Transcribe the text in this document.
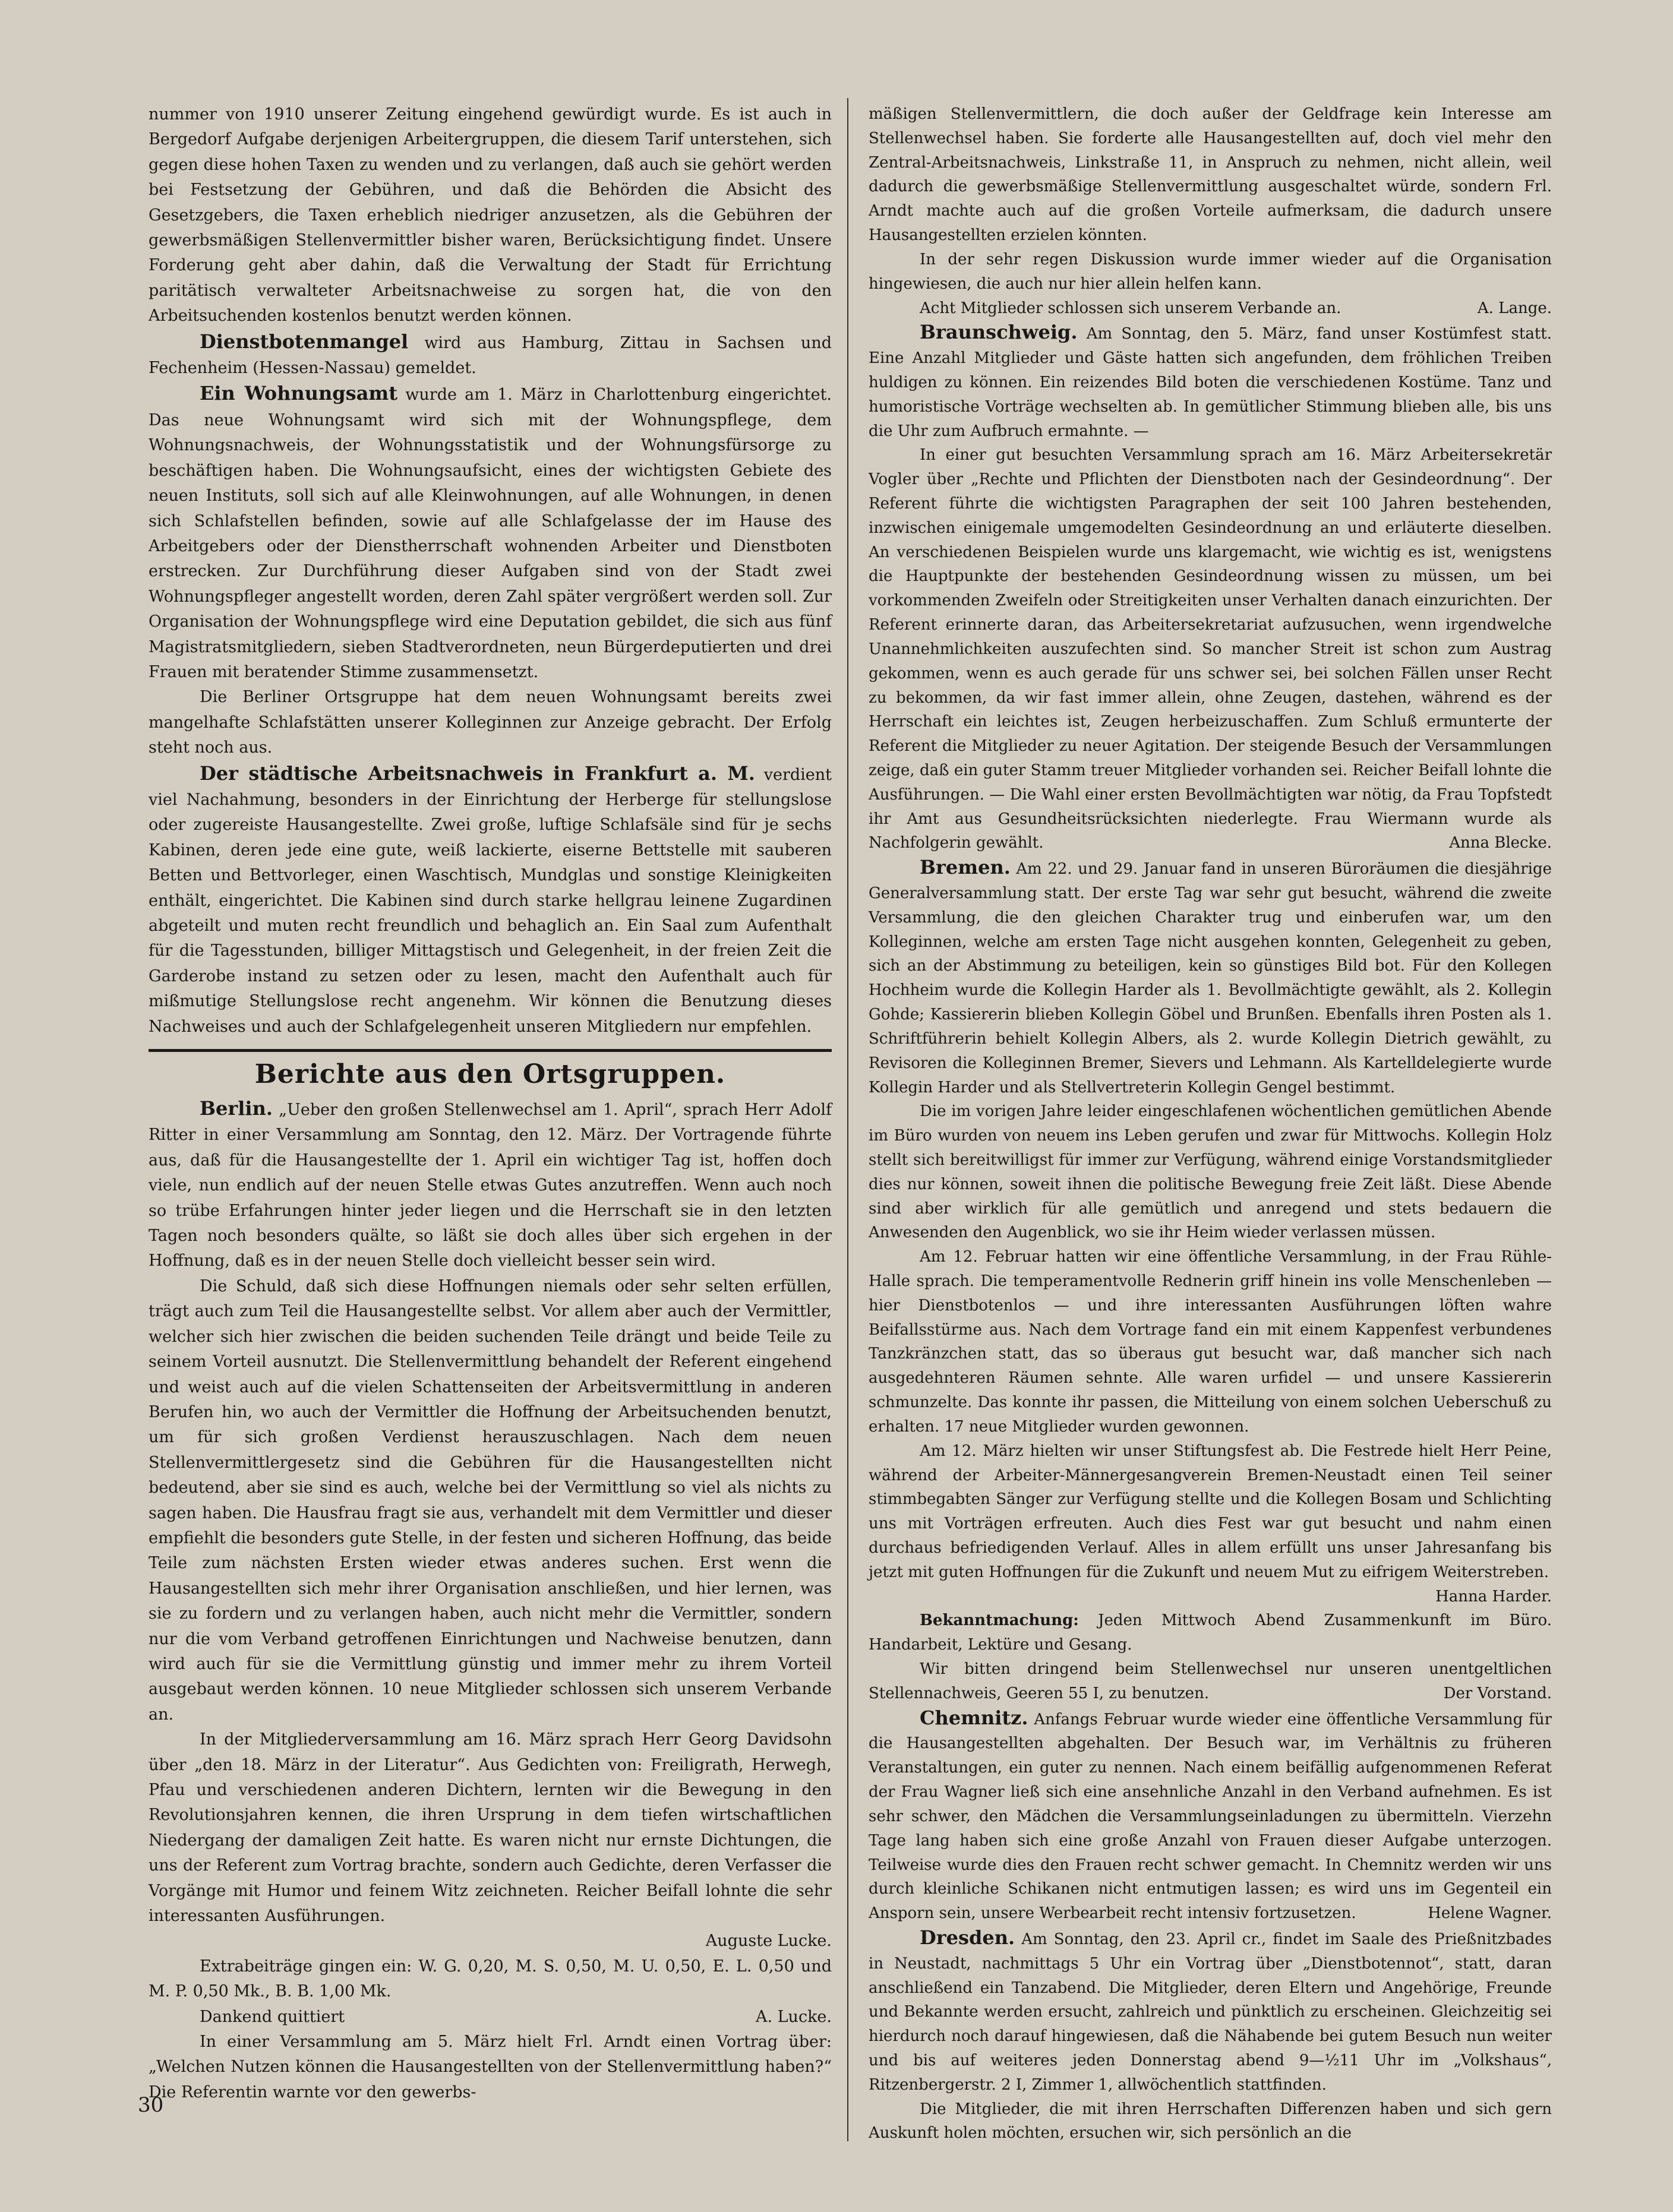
nummer von 1910 unserer Zeitung eingehend gewürdigt wurde. Es ist auch in Bergedorf Aufgabe derjenigen Arbeitergruppen, die diesem Tarif unterstehen, sich gegen diese hohen Taxen zu wenden und zu verlangen, daß auch sie gehört werden bei Festsetzung der Gebühren, und daß die Behörden die Absicht des Gesetzgebers, die Taxen erheblich niedriger anzusetzen, als die Gebühren der gewerbsmäßigen Stellenvermittler bisher waren, Berücksichtigung findet. Unsere Forderung geht aber dahin, daß die Verwaltung der Stadt für Errichtung paritätisch verwalteter Arbeitsnachweise zu sorgen hat, die von den Arbeitsuchenden kostenlos benutzt werden können.

Dienstbotenmangel wird aus Hamburg, Zittau in Sachsen und Fechenheim (Hessen-Nassau) gemeldet.

Ein Wohnungsamt wurde am 1. März in Charlottenburg eingerichtet. Das neue Wohnungsamt wird sich mit der Wohnungspflege, dem Wohnungsnachweis, der Wohnungsstatistik und der Wohnungsfürsorge zu beschäftigen haben. Die Wohnungsaufsicht, eines der wichtigsten Gebiete des neuen Instituts, soll sich auf alle Kleinwohnungen, auf alle Wohnungen, in denen sich Schlafstellen befinden, sowie auf alle Schlafgelasse der im Hause des Arbeitgebers oder der Dienstherrschaft wohnenden Arbeiter und Dienstboten erstrecken. Zur Durchführung dieser Aufgaben sind von der Stadt zwei Wohnungspfleger angestellt worden, deren Zahl später vergrößert werden soll. Zur Organisation der Wohnungspflege wird eine Deputation gebildet, die sich aus fünf Magistratsmitgliedern, sieben Stadtverordneten, neun Bürgerdeputierten und drei Frauen mit beratender Stimme zusammensetzt.

Die Berliner Ortsgruppe hat dem neuen Wohnungsamt bereits zwei mangelhafte Schlafstätten unserer Kolleginnen zur Anzeige gebracht. Der Erfolg steht noch aus.

Der städtische Arbeitsnachweis in Frankfurt a. M. verdient viel Nachahmung, besonders in der Einrichtung der Herberge für stellungslose oder zugereiste Hausangestellte. Zwei große, luftige Schlafsäle sind für je sechs Kabinen, deren jede eine gute, weiß lackierte, eiserne Bettstelle mit sauberen Betten und Bettvorleger, einen Waschtisch, Mundglas und sonstige Kleinigkeiten enthält, eingerichtet. Die Kabinen sind durch starke hellgrau leinene Zugardinen abgeteilt und muten recht freundlich und behaglich an. Ein Saal zum Aufenthalt für die Tagesstunden, billiger Mittagstisch und Gelegenheit, in der freien Zeit die Garderobe instand zu setzen oder zu lesen, macht den Aufenthalt auch für mißmutige Stellungslose recht angenehm. Wir können die Benutzung dieses Nachweises und auch der Schlafgelegenheit unseren Mitgliedern nur empfehlen.

Berichte aus den Ortsgruppen.

Berlin. „Ueber den großen Stellenwechsel am 1. April“, sprach Herr Adolf Ritter in einer Versammlung am Sonntag, den 12. März. Der Vortragende führte aus, daß für die Hausangestellte der 1. April ein wichtiger Tag ist, hoffen doch viele, nun endlich auf der neuen Stelle etwas Gutes anzutreffen. Wenn auch noch so trübe Erfahrungen hinter jeder liegen und die Herrschaft sie in den letzten Tagen noch besonders quälte, so läßt sie doch alles über sich ergehen in der Hoffnung, daß es in der neuen Stelle doch vielleicht besser sein wird.

Die Schuld, daß sich diese Hoffnungen niemals oder sehr selten erfüllen, trägt auch zum Teil die Hausangestellte selbst. Vor allem aber auch der Vermittler, welcher sich hier zwischen die beiden suchenden Teile drängt und beide Teile zu seinem Vorteil ausnutzt. Die Stellenvermittlung behandelt der Referent eingehend und weist auch auf die vielen Schattenseiten der Arbeitsvermittlung in anderen Berufen hin, wo auch der Vermittler die Hoffnung der Arbeitsuchenden benutzt, um für sich großen Verdienst herauszuschlagen. Nach dem neuen Stellenvermittlergesetz sind die Gebühren für die Hausangestellten nicht bedeutend, aber sie sind es auch, welche bei der Vermittlung so viel als nichts zu sagen haben. Die Hausfrau fragt sie aus, verhandelt mit dem Vermittler und dieser empfiehlt die besonders gute Stelle, in der festen und sicheren Hoffnung, das beide Teile zum nächsten Ersten wieder etwas anderes suchen. Erst wenn die Hausangestellten sich mehr ihrer Organisation anschließen, und hier lernen, was sie zu fordern und zu verlangen haben, auch nicht mehr die Vermittler, sondern nur die vom Verband getroffenen Einrichtungen und Nachweise benutzen, dann wird auch für sie die Vermittlung günstig und immer mehr zu ihrem Vorteil ausgebaut werden können. 10 neue Mitglieder schlossen sich unserem Verbande an.

In der Mitgliederversammlung am 16. März sprach Herr Georg Davidsohn über „den 18. März in der Literatur“. Aus Gedichten von: Freiligrath, Herwegh, Pfau und verschiedenen anderen Dichtern, lernten wir die Bewegung in den Revolutionsjahren kennen, die ihren Ursprung in dem tiefen wirtschaftlichen Niedergang der damaligen Zeit hatte. Es waren nicht nur ernste Dichtungen, die uns der Referent zum Vortrag brachte, sondern auch Gedichte, deren Verfasser die Vorgänge mit Humor und feinem Witz zeichneten. Reicher Beifall lohnte die sehr interessanten Ausführungen.

Auguste Lucke.

Extrabeiträge gingen ein: W. G. 0,20, M. S. 0,50, M. U. 0,50, E. L. 0,50 und M. P. 0,50 Mk., B. B. 1,00 Mk.

Dankend quittiert	A. Lucke.

In einer Versammlung am 5. März hielt Frl. Arndt einen Vortrag über: „Welchen Nutzen können die Hausangestellten von der Stellenvermittlung haben?“ Die Referentin warnte vor den gewerbs-

mäßigen Stellenvermittlern, die doch außer der Geldfrage kein Interesse am Stellenwechsel haben. Sie forderte alle Hausangestellten auf, doch viel mehr den Zentral-Arbeitsnachweis, Linkstraße 11, in Anspruch zu nehmen, nicht allein, weil dadurch die gewerbsmäßige Stellenvermittlung ausgeschaltet würde, sondern Frl. Arndt machte auch auf die großen Vorteile aufmerksam, die dadurch unsere Hausangestellten erzielen könnten.

In der sehr regen Diskussion wurde immer wieder auf die Organisation hingewiesen, die auch nur hier allein helfen kann.

Acht Mitglieder schlossen sich unserem Verbande an.	A. Lange.

Braunschweig. Am Sonntag, den 5. März, fand unser Kostümfest statt. Eine Anzahl Mitglieder und Gäste hatten sich angefunden, dem fröhlichen Treiben huldigen zu können. Ein reizendes Bild boten die verschiedenen Kostüme. Tanz und humoristische Vorträge wechselten ab. In gemütlicher Stimmung blieben alle, bis uns die Uhr zum Aufbruch ermahnte. —

In einer gut besuchten Versammlung sprach am 16. März Arbeitersekretär Vogler über „Rechte und Pflichten der Dienstboten nach der Gesindeordnung“. Der Referent führte die wichtigsten Paragraphen der seit 100 Jahren bestehenden, inzwischen einigemale umgemodelten Gesindeordnung an und erläuterte dieselben. An verschiedenen Beispielen wurde uns klargemacht, wie wichtig es ist, wenigstens die Hauptpunkte der bestehenden Gesindeordnung wissen zu müssen, um bei vorkommenden Zweifeln oder Streitigkeiten unser Verhalten danach einzurichten. Der Referent erinnerte daran, das Arbeitersekretariat aufzusuchen, wenn irgendwelche Unannehmlichkeiten auszufechten sind. So mancher Streit ist schon zum Austrag gekommen, wenn es auch gerade für uns schwer sei, bei solchen Fällen unser Recht zu bekommen, da wir fast immer allein, ohne Zeugen, dastehen, während es der Herrschaft ein leichtes ist, Zeugen herbeizuschaffen. Zum Schluß ermunterte der Referent die Mitglieder zu neuer Agitation. Der steigende Besuch der Versammlungen zeige, daß ein guter Stamm treuer Mitglieder vorhanden sei. Reicher Beifall lohnte die Ausführungen. — Die Wahl einer ersten Bevollmächtigten war nötig, da Frau Topfstedt ihr Amt aus Gesundheitsrücksichten niederlegte. Frau Wiermann wurde als Nachfolgerin gewählt.	Anna Blecke.

Bremen. Am 22. und 29. Januar fand in unseren Büroräumen die diesjährige Generalversammlung statt. Der erste Tag war sehr gut besucht, während die zweite Versammlung, die den gleichen Charakter trug und einberufen war, um den Kolleginnen, welche am ersten Tage nicht ausgehen konnten, Gelegenheit zu geben, sich an der Abstimmung zu beteiligen, kein so günstiges Bild bot. Für den Kollegen Hochheim wurde die Kollegin Harder als 1. Bevollmächtigte gewählt, als 2. Kollegin Gohde; Kassiererin blieben Kollegin Göbel und Brunßen. Ebenfalls ihren Posten als 1. Schriftführerin behielt Kollegin Albers, als 2. wurde Kollegin Dietrich gewählt, zu Revisoren die Kolleginnen Bremer, Sievers und Lehmann. Als Kartelldelegierte wurde Kollegin Harder und als Stellvertreterin Kollegin Gengel bestimmt.

Die im vorigen Jahre leider eingeschlafenen wöchentlichen gemütlichen Abende im Büro wurden von neuem ins Leben gerufen und zwar für Mittwochs. Kollegin Holz stellt sich bereitwilligst für immer zur Verfügung, während einige Vorstandsmitglieder dies nur können, soweit ihnen die politische Bewegung freie Zeit läßt. Diese Abende sind aber wirklich für alle gemütlich und anregend und stets bedauern die Anwesenden den Augenblick, wo sie ihr Heim wieder verlassen müssen.

Am 12. Februar hatten wir eine öffentliche Versammlung, in der Frau Rühle-Halle sprach. Die temperamentvolle Rednerin griff hinein ins volle Menschenleben — hier Dienstbotenlos — und ihre interessanten Ausführungen löften wahre Beifallsstürme aus. Nach dem Vortrage fand ein mit einem Kappenfest verbundenes Tanzkränzchen statt, das so überaus gut besucht war, daß mancher sich nach ausgedehnteren Räumen sehnte. Alle waren urfidel — und unsere Kassiererin schmunzelte. Das konnte ihr passen, die Mitteilung von einem solchen Ueberschuß zu erhalten. 17 neue Mitglieder wurden gewonnen.

Am 12. März hielten wir unser Stiftungsfest ab. Die Festrede hielt Herr Peine, während der Arbeiter-Männergesangverein Bremen-Neustadt einen Teil seiner stimmbegabten Sänger zur Verfügung stellte und die Kollegen Bosam und Schlichting uns mit Vorträgen erfreuten. Auch dies Fest war gut besucht und nahm einen durchaus befriedigenden Verlauf. Alles in allem erfüllt uns unser Jahresanfang bis jetzt mit guten Hoffnungen für die Zukunft und neuem Mut zu eifrigem Weiterstreben.

Hanna Harder.

Bekanntmachung: Jeden Mittwoch Abend Zusammenkunft im Büro. Handarbeit, Lektüre und Gesang.

Wir bitten dringend beim Stellenwechsel nur unseren unentgeltlichen Stellennachweis, Geeren 55 I, zu benutzen.	Der Vorstand.

Chemnitz. Anfangs Februar wurde wieder eine öffentliche Versammlung für die Hausangestellten abgehalten. Der Besuch war, im Verhältnis zu früheren Veranstaltungen, ein guter zu nennen. Nach einem beifällig aufgenommenen Referat der Frau Wagner ließ sich eine ansehnliche Anzahl in den Verband aufnehmen. Es ist sehr schwer, den Mädchen die Versammlungseinladungen zu übermitteln. Vierzehn Tage lang haben sich eine große Anzahl von Frauen dieser Aufgabe unterzogen. Teilweise wurde dies den Frauen recht schwer gemacht. In Chemnitz werden wir uns durch kleinliche Schikanen nicht entmutigen lassen; es wird uns im Gegenteil ein Ansporn sein, unsere Werbearbeit recht intensiv fortzusetzen.	Helene Wagner.

Dresden. Am Sonntag, den 23. April cr., findet im Saale des Prießnitzbades in Neustadt, nachmittags 5 Uhr ein Vortrag über „Dienstbotennot“, statt, daran anschließend ein Tanzabend. Die Mitglieder, deren Eltern und Angehörige, Freunde und Bekannte werden ersucht, zahlreich und pünktlich zu erscheinen. Gleichzeitig sei hierdurch noch darauf hingewiesen, daß die Nähabende bei gutem Besuch nun weiter und bis auf weiteres jeden Donnerstag abend 9—½11 Uhr im „Volkshaus“, Ritzenbergerstr. 2 I, Zimmer 1, allwöchentlich stattfinden.

Die Mitglieder, die mit ihren Herrschaften Differenzen haben und sich gern Auskunft holen möchten, ersuchen wir, sich persönlich an die

30
